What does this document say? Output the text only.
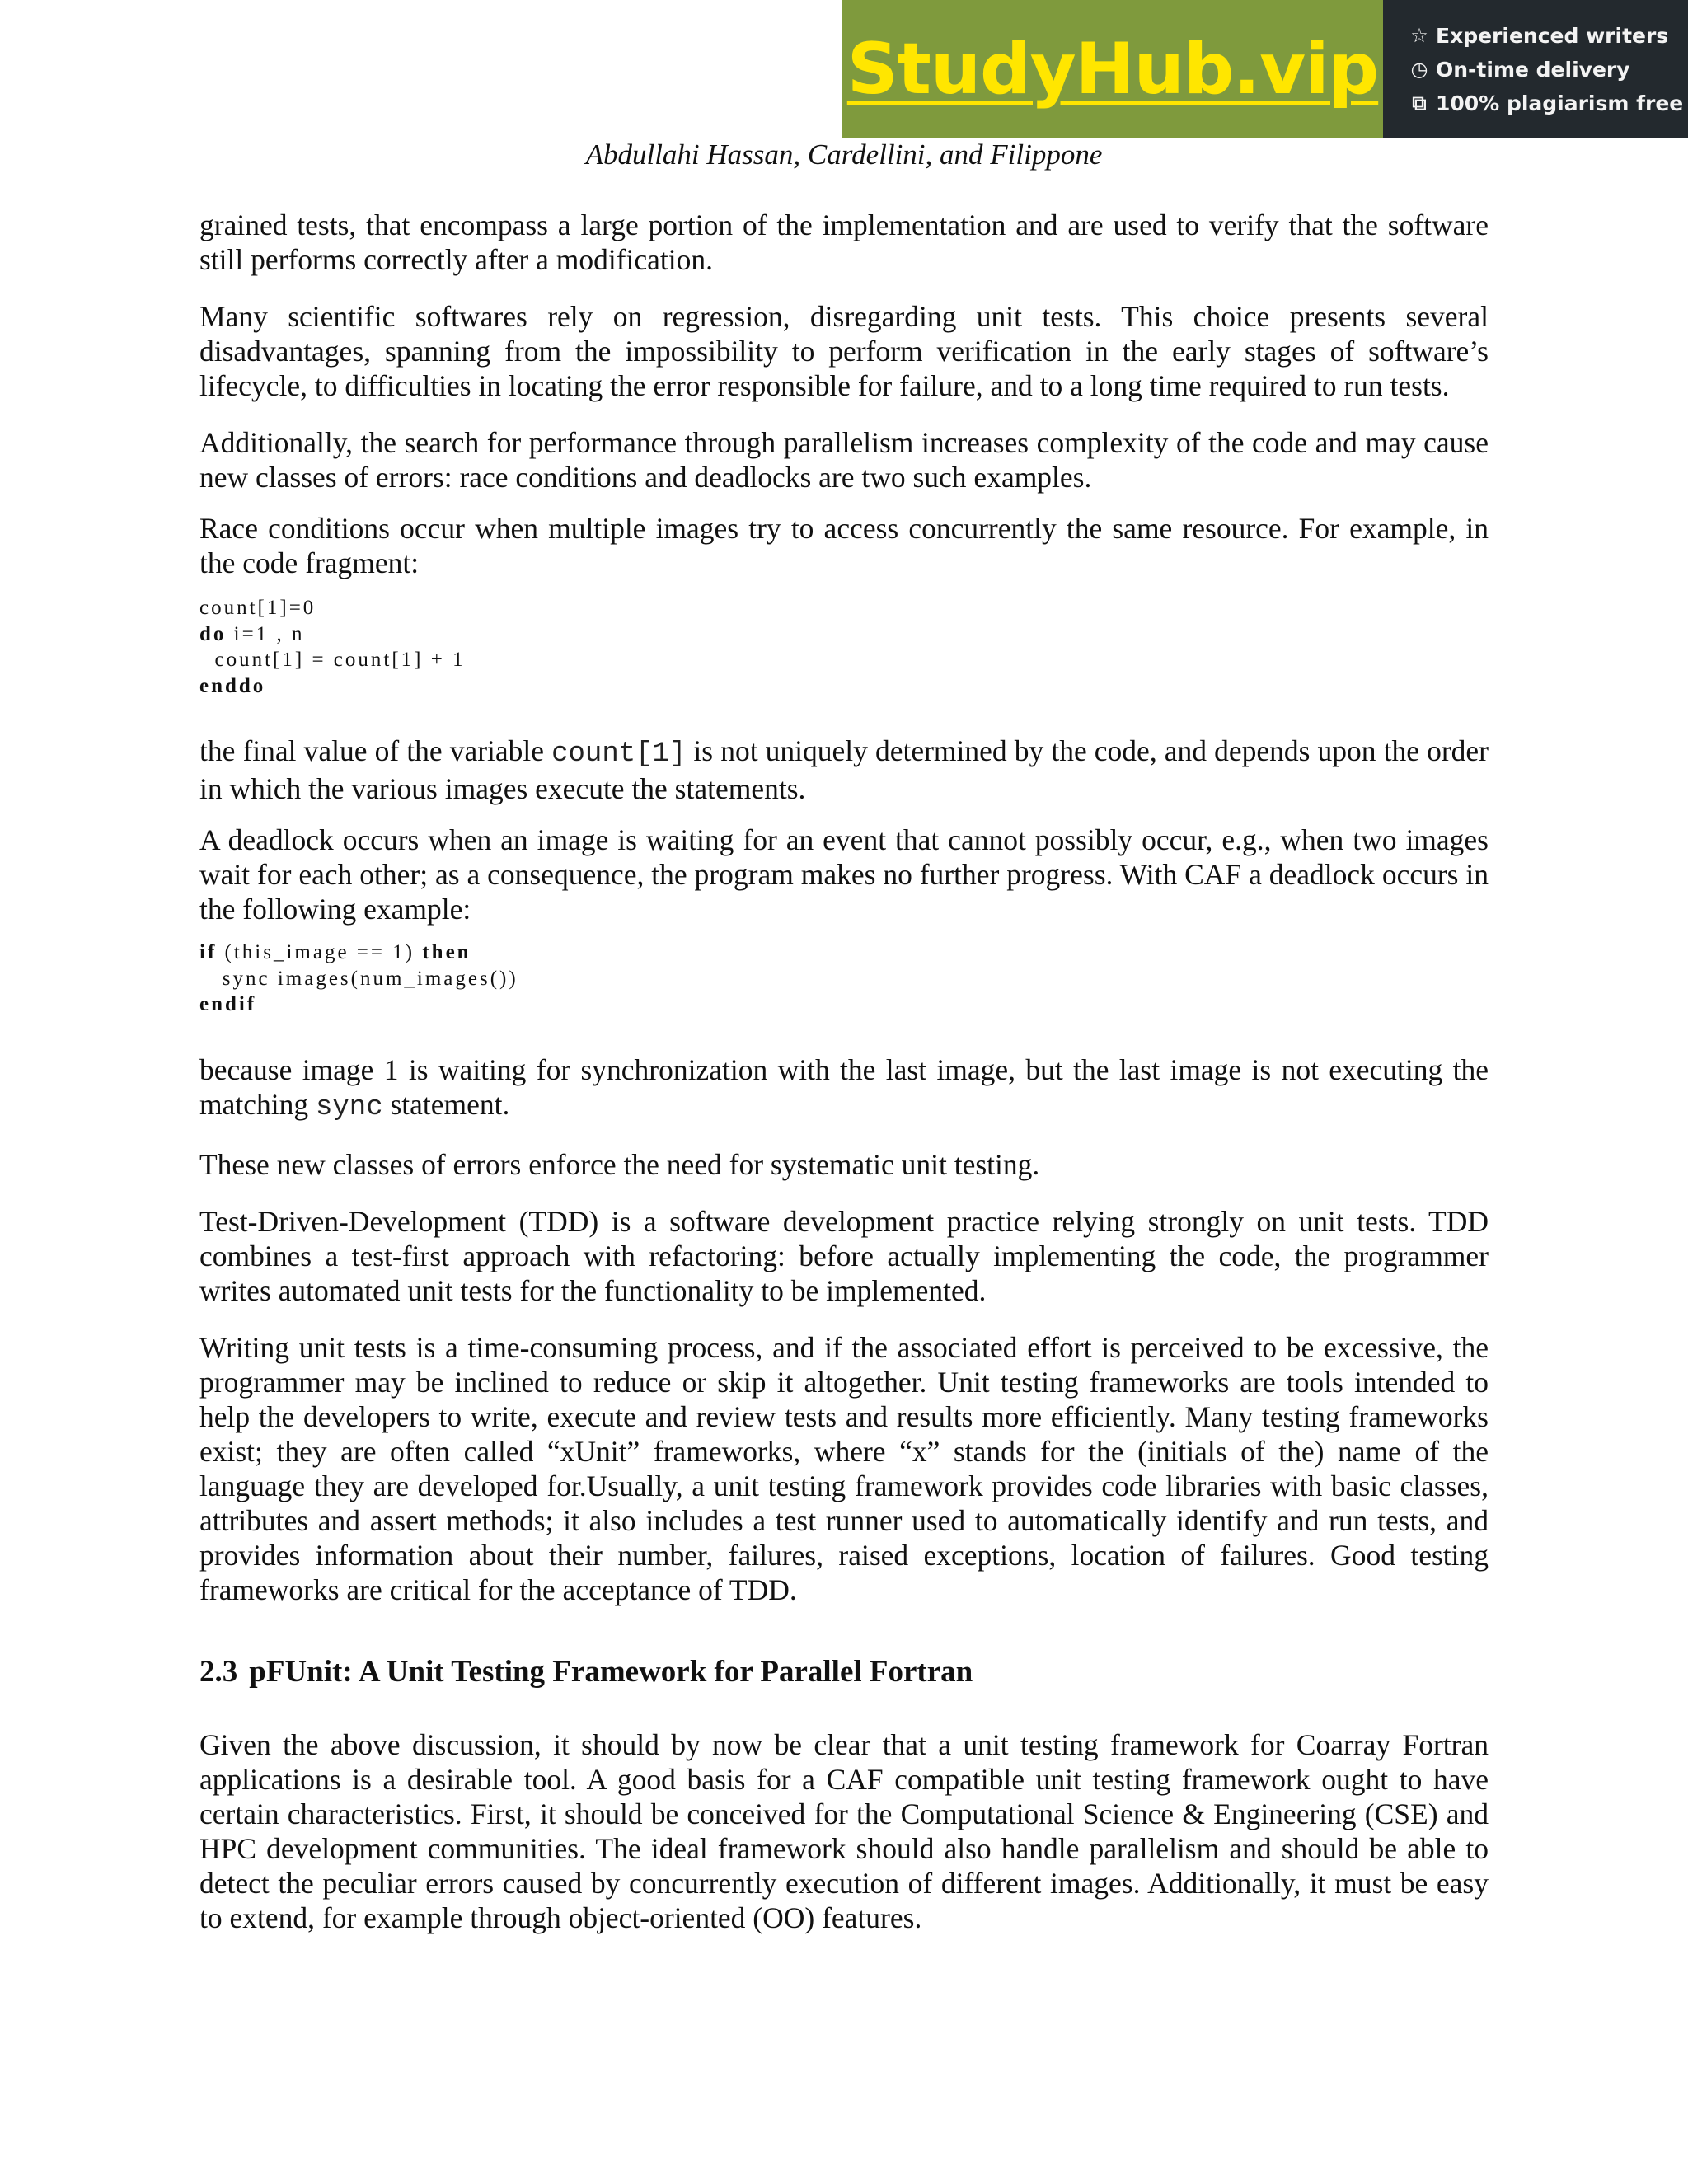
StudyHub.vip ☆ Experienced writers
◷ On-time delivery
⧉ 100% plagiarism free
Abdullahi Hassan, Cardellini, and Filippone

grained tests, that encompass a large portion of the implementation and are used to verify that the software still performs correctly after a modification.

Many scientific softwares rely on regression, disregarding unit tests. This choice presents several disadvantages, spanning from the impossibility to perform verification in the early stages of software’s lifecycle, to difficulties in locating the error responsible for failure, and to a long time required to run tests.

Additionally, the search for performance through parallelism increases complexity of the code and may cause new classes of errors: race conditions and deadlocks are two such examples.

Race conditions occur when multiple images try to access concurrently the same resource. For example, in the code fragment:

count[1]=0
do i=1 , n
count[1] = count[1] + 1
enddo

the final value of the variable count[1] is not uniquely determined by the code, and depends upon the order in which the various images execute the statements.

A deadlock occurs when an image is waiting for an event that cannot possibly occur, e.g., when two images wait for each other; as a consequence, the program makes no further progress. With CAF a deadlock occurs in the following example:

if (this_image == 1) then
sync images(num_images())
endif

because image 1 is waiting for synchronization with the last image, but the last image is not executing the matching sync statement.

These new classes of errors enforce the need for systematic unit testing.

Test-Driven-Development (TDD) is a software development practice relying strongly on unit tests. TDD combines a test-first approach with refactoring: before actually implementing the code, the programmer writes automated unit tests for the functionality to be implemented.

Writing unit tests is a time-consuming process, and if the associated effort is perceived to be excessive, the programmer may be inclined to reduce or skip it altogether. Unit testing frameworks are tools intended to help the developers to write, execute and review tests and results more efficiently. Many testing frameworks exist; they are often called “xUnit” frameworks, where “x” stands for the (initials of the) name of the language they are developed for.Usually, a unit testing framework provides code libraries with basic classes, attributes and assert methods; it also includes a test runner used to automatically identify and run tests, and provides information about their number, failures, raised exceptions, location of failures. Good testing frameworks are critical for the acceptance of TDD.

2.3 pFUnit: A Unit Testing Framework for Parallel Fortran

Given the above discussion, it should by now be clear that a unit testing framework for Coarray Fortran applications is a desirable tool. A good basis for a CAF compatible unit testing framework ought to have certain characteristics. First, it should be conceived for the Computational Science & Engineering (CSE) and HPC development communities. The ideal framework should also handle parallelism and should be able to detect the peculiar errors caused by concurrently execution of different images. Additionally, it must be easy to extend, for example through object-oriented (OO) features.
